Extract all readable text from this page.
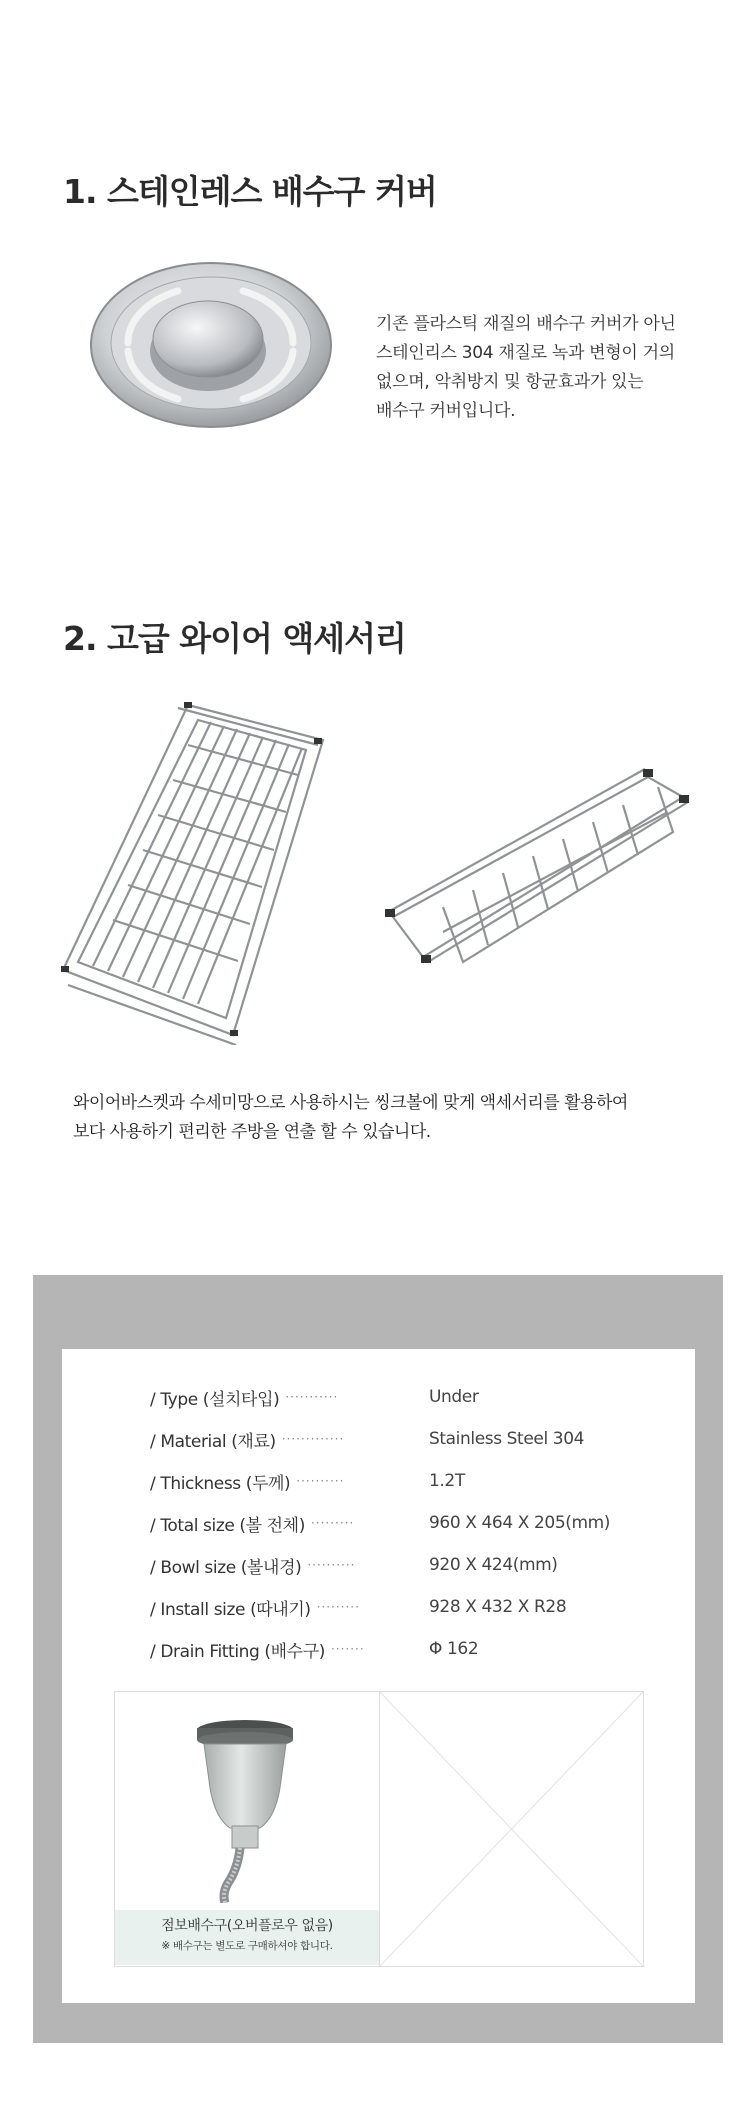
1. 스테인레스 배수구 커버
기존 플라스틱 재질의 배수구 커버가 아닌
스테인리스 304 재질로 녹과 변형이 거의
없으며, 악취방지 및 항균효과가 있는
배수구 커버입니다.
2. 고급 와이어 액세서리
와이어바스켓과 수세미망으로 사용하시는 씽크볼에 맞게 액세서리를 활용하여
보다 사용하기 편리한 주방을 연출 할 수 있습니다.
/ Type (설치타입) ···········	Under
/ Material (재료) ·············	Stainless Steel 304
/ Thickness (두께) ··········	1.2T
/ Total size (볼 전체) ·········	960 X 464 X 205(mm)
/ Bowl size (볼내경) ··········	920 X 424(mm)
/ Install size (따내기) ·········	928 X 432 X R28
/ Drain Fitting (배수구) ·······	Φ 162
점보배수구(오버플로우 없음)
※ 배수구는 별도로 구매하셔야 합니다.
